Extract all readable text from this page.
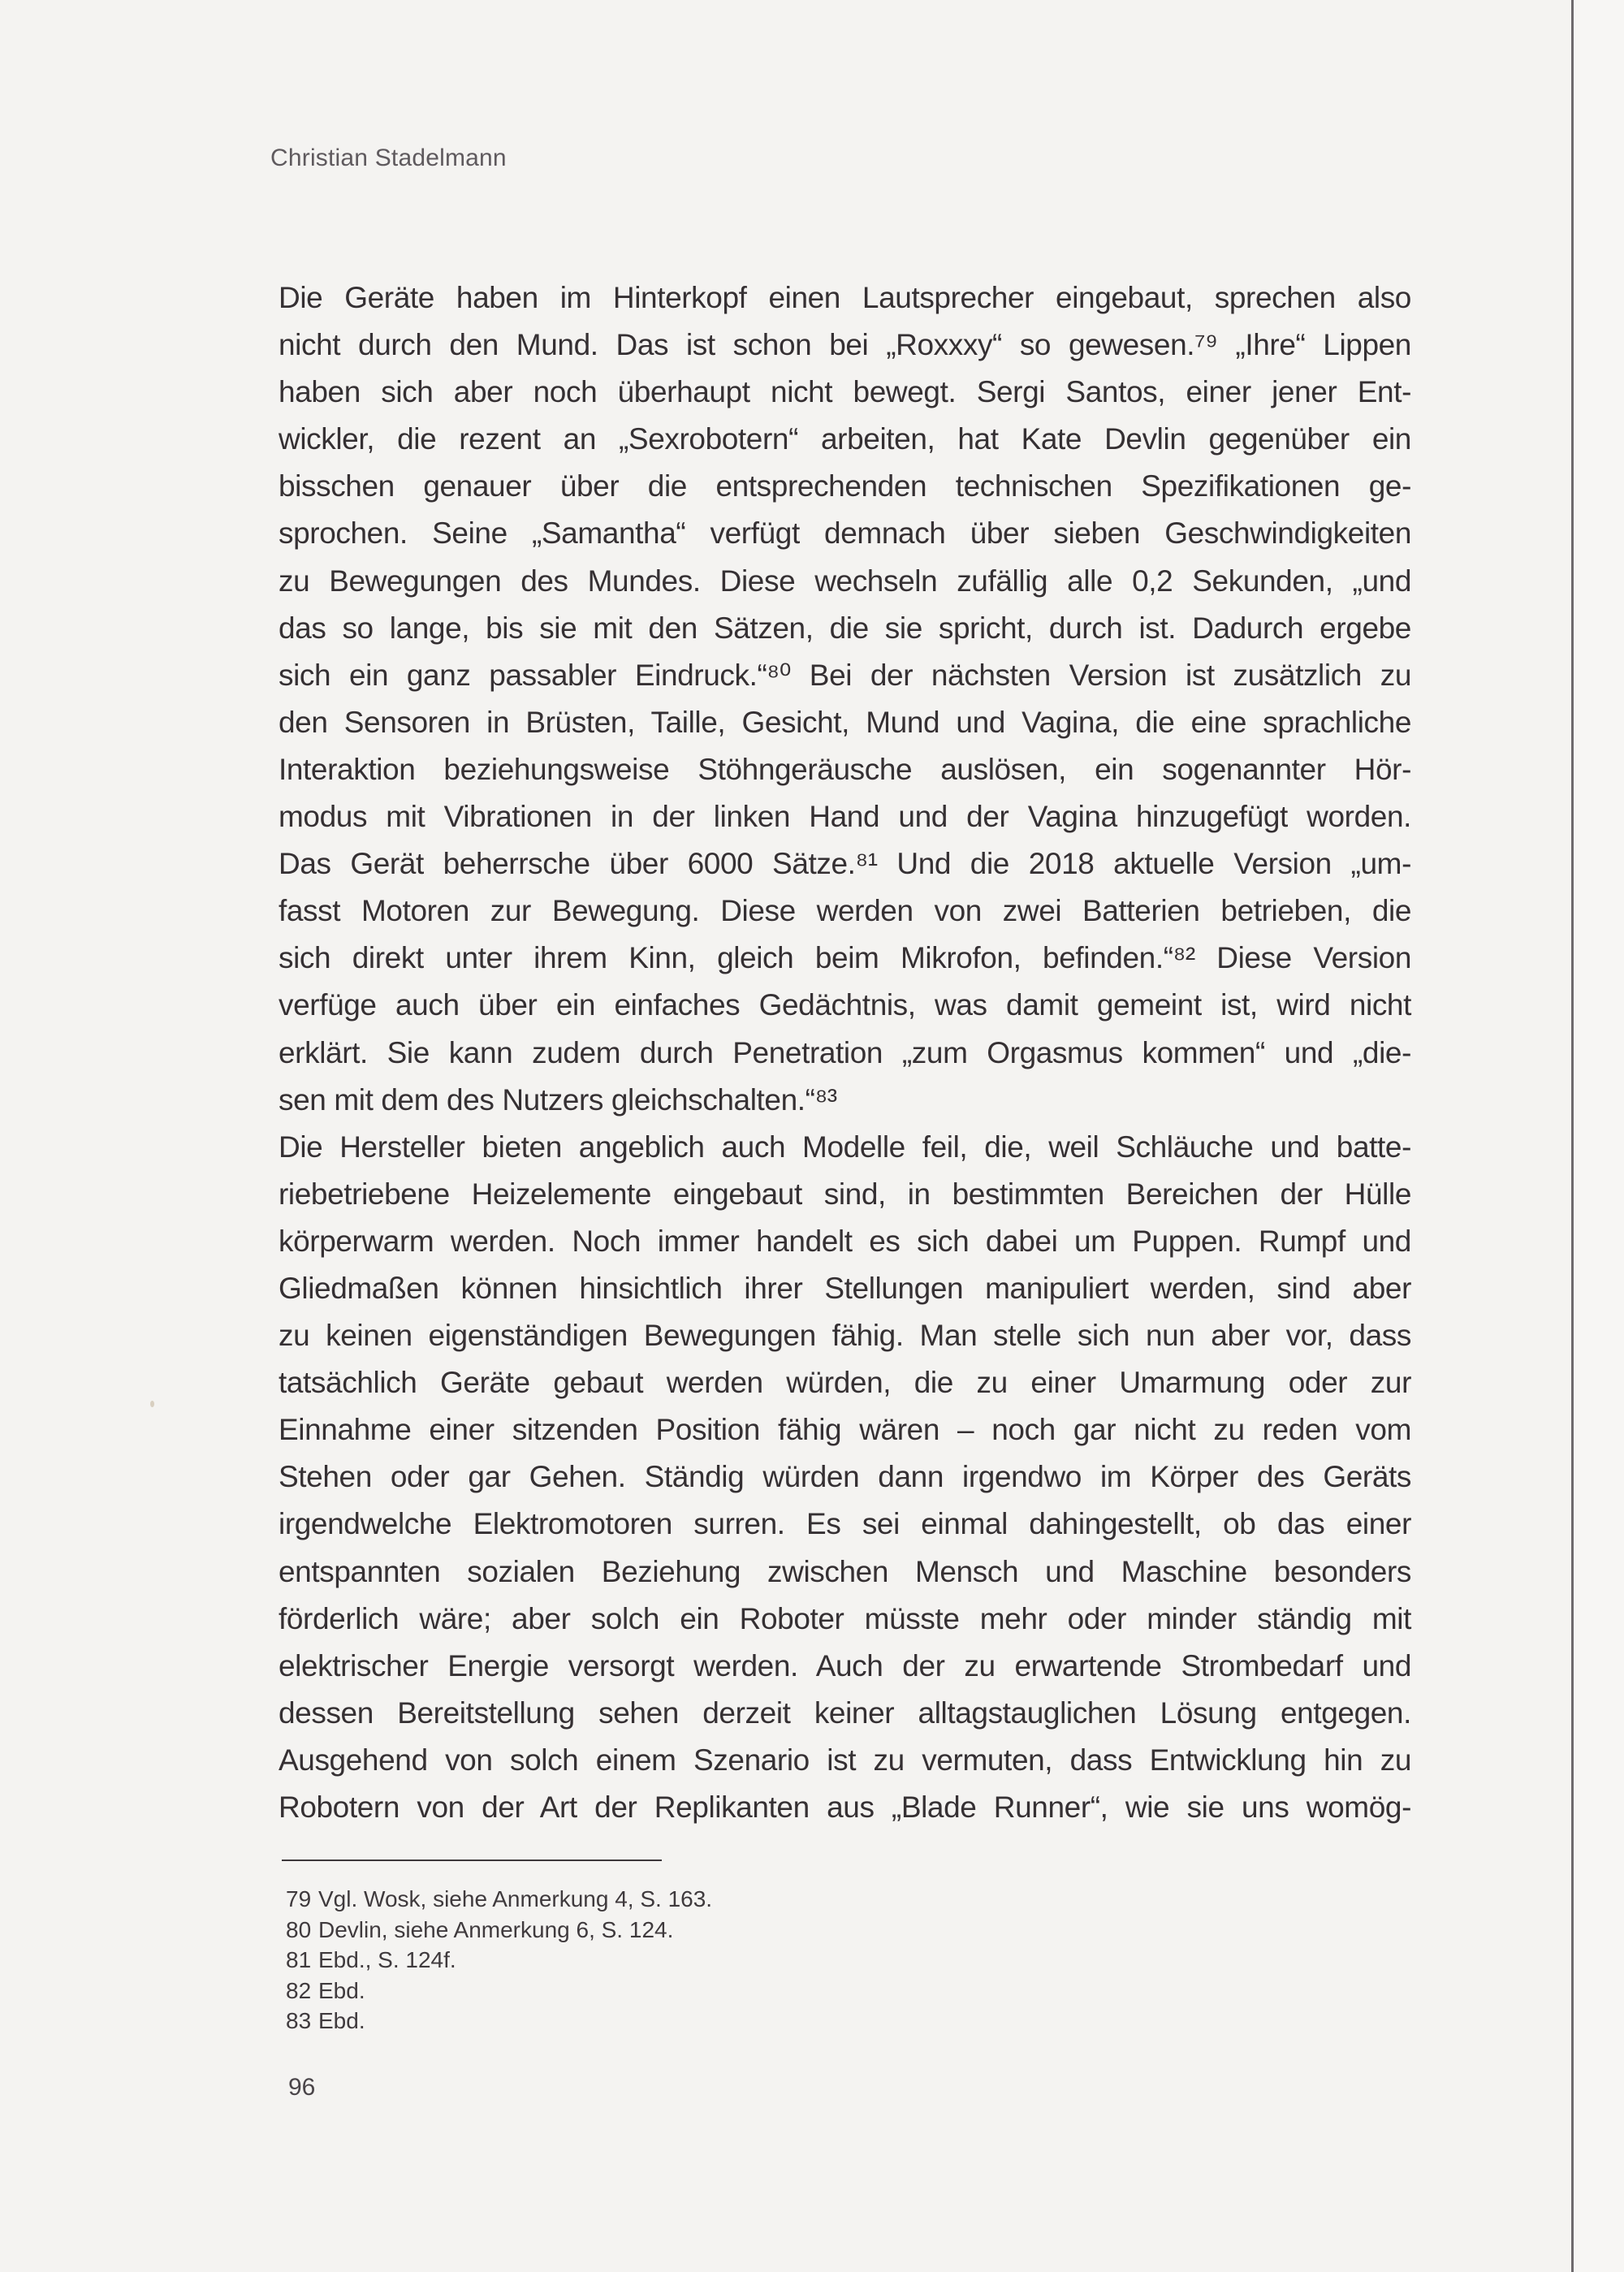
Christian Stadelmann
Die Geräte haben im Hinterkopf einen Lautsprecher eingebaut, sprechen also
nicht durch den Mund. Das ist schon bei „Roxxxy“ so gewesen.⁷⁹ „Ihre“ Lippen
haben sich aber noch überhaupt nicht bewegt. Sergi Santos, einer jener Ent-
wickler, die rezent an „Sexrobotern“ arbeiten, hat Kate Devlin gegenüber ein
bisschen genauer über die entsprechenden technischen Spezifikationen ge-
sprochen. Seine „Samantha“ verfügt demnach über sieben Geschwindigkeiten
zu Bewegungen des Mundes. Diese wechseln zufällig alle 0,2 Sekunden, „und
das so lange, bis sie mit den Sätzen, die sie spricht, durch ist. Dadurch ergebe
sich ein ganz passabler Eindruck.“⁸⁰ Bei der nächsten Version ist zusätzlich zu
den Sensoren in Brüsten, Taille, Gesicht, Mund und Vagina, die eine sprachliche
Interaktion beziehungsweise Stöhngeräusche auslösen, ein sogenannter Hör-
modus mit Vibrationen in der linken Hand und der Vagina hinzugefügt worden.
Das Gerät beherrsche über 6000 Sätze.⁸¹ Und die 2018 aktuelle Version „um-
fasst Motoren zur Bewegung. Diese werden von zwei Batterien betrieben, die
sich direkt unter ihrem Kinn, gleich beim Mikrofon, befinden.“⁸² Diese Version
verfüge auch über ein einfaches Gedächtnis, was damit gemeint ist, wird nicht
erklärt. Sie kann zudem durch Penetration „zum Orgasmus kommen“ und „die-
sen mit dem des Nutzers gleichschalten.“⁸³
Die Hersteller bieten angeblich auch Modelle feil, die, weil Schläuche und batte-
riebetriebene Heizelemente eingebaut sind, in bestimmten Bereichen der Hülle
körperwarm werden. Noch immer handelt es sich dabei um Puppen. Rumpf und
Gliedmaßen können hinsichtlich ihrer Stellungen manipuliert werden, sind aber
zu keinen eigenständigen Bewegungen fähig. Man stelle sich nun aber vor, dass
tatsächlich Geräte gebaut werden würden, die zu einer Umarmung oder zur
Einnahme einer sitzenden Position fähig wären – noch gar nicht zu reden vom
Stehen oder gar Gehen. Ständig würden dann irgendwo im Körper des Geräts
irgendwelche Elektromotoren surren. Es sei einmal dahingestellt, ob das einer
entspannten sozialen Beziehung zwischen Mensch und Maschine besonders
förderlich wäre; aber solch ein Roboter müsste mehr oder minder ständig mit
elektrischer Energie versorgt werden. Auch der zu erwartende Strombedarf und
dessen Bereitstellung sehen derzeit keiner alltagstauglichen Lösung entgegen.
Ausgehend von solch einem Szenario ist zu vermuten, dass Entwicklung hin zu
Robotern von der Art der Replikanten aus „Blade Runner“, wie sie uns womög-
79 Vgl. Wosk, siehe Anmerkung 4, S. 163.
80 Devlin, siehe Anmerkung 6, S. 124.
81 Ebd., S. 124f.
82 Ebd.
83 Ebd.
96
